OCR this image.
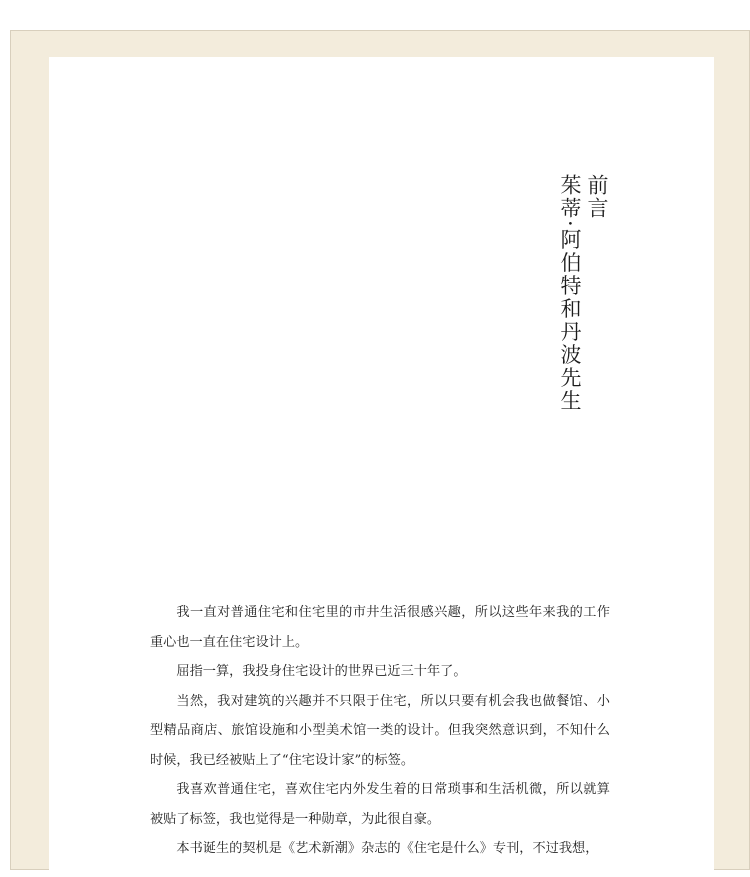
前言
茱蒂·阿伯特和丹波先生

我一直对普通住宅和住宅里的市井生活很感兴趣，所以这些年来我的工作重心也一直在住宅设计上。

屈指一算，我投身住宅设计的世界已近三十年了。

当然，我对建筑的兴趣并不只限于住宅，所以只要有机会我也做餐馆、小型精品商店、旅馆设施和小型美术馆一类的设计。但我突然意识到，不知什么时候，我已经被贴上了“住宅设计家”的标签。

我喜欢普通住宅，喜欢住宅内外发生着的日常琐事和生活机微，所以就算被贴了标签，我也觉得是一种勋章，为此很自豪。

本书诞生的契机是《艺术新潮》杂志的《住宅是什么》专刊，不过我想，
